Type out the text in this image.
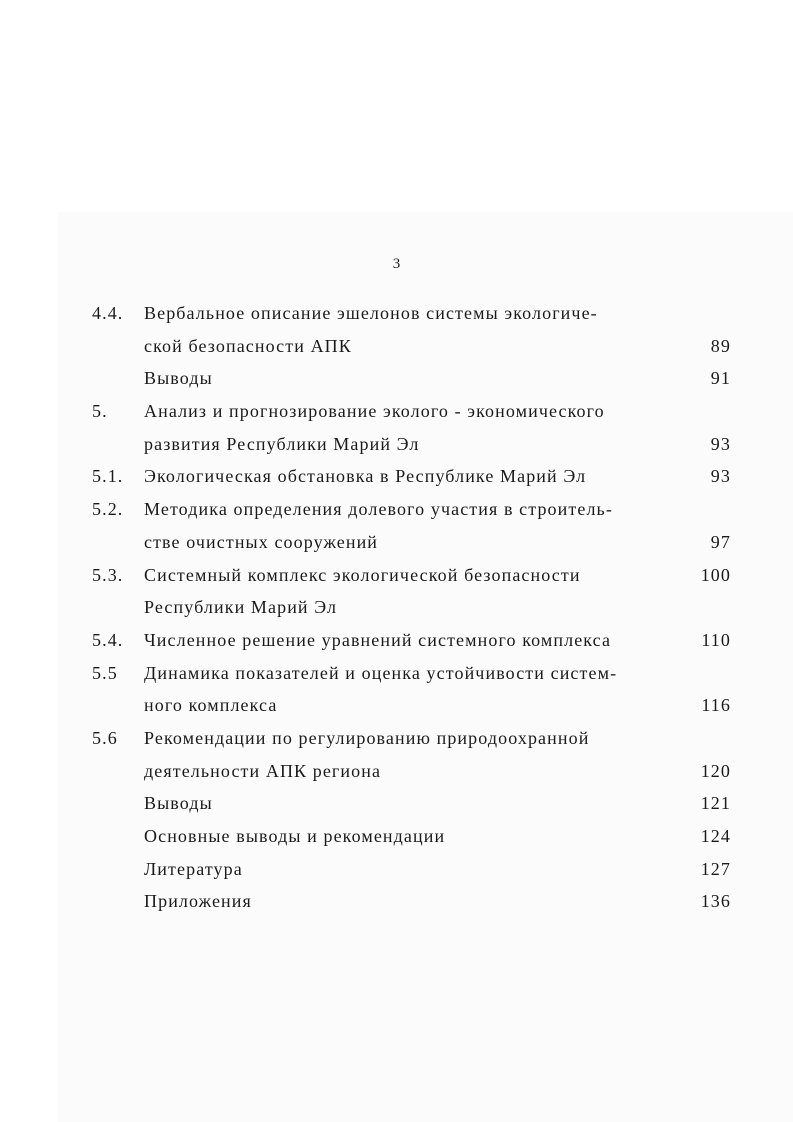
3
4.4. Вербальное описание эшелонов системы экологиче-
ской безопасности АПК	89
Выводы	91
5. Анализ и прогнозирование эколого - экономического
развития Республики Марий Эл	93
5.1. Экологическая обстановка в Республике Марий Эл	93
5.2. Методика определения долевого участия в строитель-
стве очистных сооружений	97
5.3. Системный комплекс экологической безопасности	100
Республики Марий Эл
5.4. Численное решение уравнений системного комплекса	110
5.5 Динамика показателей и оценка устойчивости систем-
ного комплекса	116
5.6 Рекомендации по регулированию природоохранной
деятельности АПК региона	120
Выводы	121
Основные выводы и рекомендации	124
Литература	127
Приложения	136
